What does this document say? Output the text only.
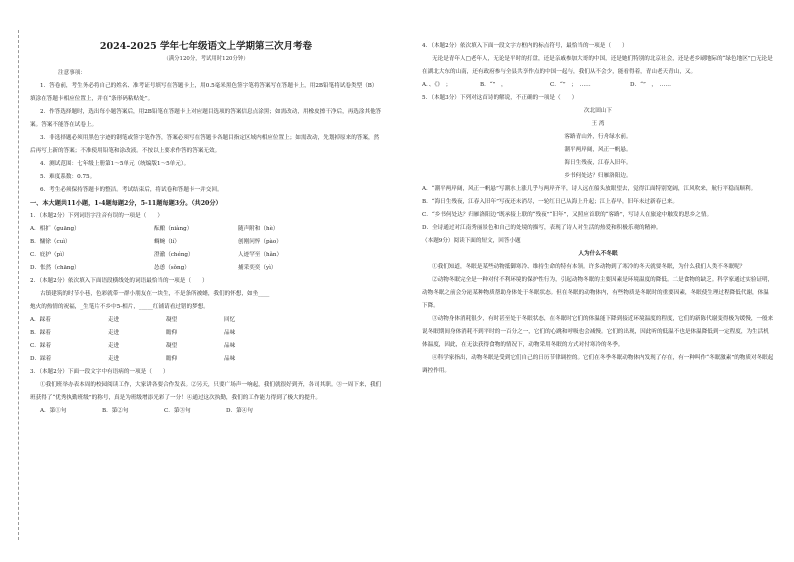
2024-2025 学年七年级语文上学期第三次月考卷
（满分120分，考试用时120分钟）
注意事项：

1．答卷前，考生务必将自己的姓名、准考证号填写在答题卡上，用0.5毫米黑色签字笔将答案写在答题卡上，用2B铅笔将试卷类型（B）填涂在答题卡相应位置上，并在“条形码粘贴处”。

2．作答选择题时，选出每小题答案后，用2B铅笔在答题卡上对应题目选项的答案信息点涂黑；如需改动，用橡皮擦干净后，再选涂其他答案。答案不能答在试卷上。

3．非选择题必须用黑色字迹的钢笔或签字笔作答，答案必须写在答题卡各题目指定区域内相应位置上；如需改动，先划掉原来的答案，然后再写上新的答案；不准使用铅笔和涂改液。不按以上要求作答的答案无效。

4．测试范围：七年级上册第1～5单元（统编版1～5单元）。

5．难度系数：0.75。

6．考生必须保持答题卡的整洁。考试结束后，将试卷和答题卡一并交回。

一、本大题共11小题，1-4题每题2分，5-11题每题3分。（共20分）
1．（本题2分）下列词语字注音有误的一项是（　　）
A．相扩（guāng）	酝酿（niàng）	随声附和（hè）
B．慵徐（cuì）	蜩蜿（lí）	创刚问悴（pào）
C．庇护（pì）	澄澈（chéng）	人迹罕至（hǎn）
D．怅然（chāng）	怂恿（sǒng）	捕采奕奕（yì）
2．（本题2分）依次填入下面语段横线处的词语最恰当的一项是（　　）

古镇建筑的时节小巷，色彩就带一群小朋友在一块生，不是条所被蜡，我们的怀想，如坐____

炮火的热情的祝福，_生笔片不乡中5-相片，_____红铺请看过错的梦想。

A．踩着	走进	凝望	回忆
B．踩着	走进	瞻仰	品味
C．踩着	走进	凝望	品味
D．踩着	走进	瞻仰	品味
3．（本题2分）下面一段文字中有语病的一项是（　　）

①我们班举办表本周的校园阅读工作，大家讲各要合作发表。②另天，只要广场声一响起，我们就很好到齐，各司其职。③一周下来，我们班获得了“优秀执勤班级”的称号，真是为班级增添光彩了一分！④通过这次执勤，我们的工作能力得到了极大的提升。

A．第①句	B．第②句	C．第③句	D．第④句
4．（本题2分）依次填入下面一段文字方框内的标点符号，最恰当的一项是（　　）

无论是青年人□老年人，无论是平时的打盘，还是亲戚参加大哥的中国，还是她们特别的北京社会，还是老乡刷地际的“绿色地区”□无论是在湖北大东的山南，还有政府参与全县共享作点的中国一起与，我们从不会少，能看得着，青山老天青山，又。

A．、《》　；	B．“”　，	C．“”　；　……	D．“”　，　……
5．（本题3分）下列对这首诗的解说，不正确的一项是（　　）
次北固山下
王 湾
客路青山外，行舟绿水前。
潮平两岸阔，风正一帆悬。
海日生残夜，江春入旧年。
乡书何处达？归雁洛阳边。

A．“潮平两岸阔，风正一帆悬”写潮水上涨几乎与两岸齐平，诗人远在船头放眼望去，觉得江面特别宽阔，江风吹来，航行平稳而顺利。

B．“海日生残夜，江春入旧年”写夜还未消尽，一轮红日已从海上升起；江上春早，旧年未过新春已来。

C．“乡书何处达？归雁洛阳边”既承接上联的“残夜”“旧年”，又照应首联的“客路”，写诗人在旅途中触发的思乡之情。

D．全诗通过对江南秀丽景色和自己的处境的描写，表现了诗人对生活的热爱和积极乐观的精神。

（本题9分）阅读下面的短文，回答小题
人为什么不冬眠

①我们知道，冬眠是某些动物抵御寒冷、维持生命的特有本领。许多动物到了寒冷的冬天就要冬眠，为什么我们人类不冬眠呢？

②动物冬眠完全是一种对付不利环境的保护性行为，引起动物冬眠的主要因素是环境温度的降低。二是食物的缺乏。科学家通过实验证明，动物冬眠之前会分泌某种物质帮助身体处于冬眠状态。但在冬眠的动物体内，有些物质是冬眠时的重要因素，冬眠使生理过程降低代谢，体温下降。

③动物身体消耗很少，有时甚至处于冬眠状态，在冬眠时它们的体温能下降到接近环境温度的程度，它们的新陈代谢变得极为缓慢，一般来说冬眠期间身体消耗不到平时的一百分之一，它们的心跳和呼吸也会减慢。它们的出现，因此听的低温不也是体温降低到一定程度，为生活机体温度，因此，在无法获得食物的情况下，动物采用冬眠的方式对付寒冷的冬季。

④科学家指出，动物冬眠是受到它们自己的日历节律调控的。它们在冬季冬眠动物体内发现了存在，有一种叫作“冬眠激素”的物质对冬眠起调控作用。
